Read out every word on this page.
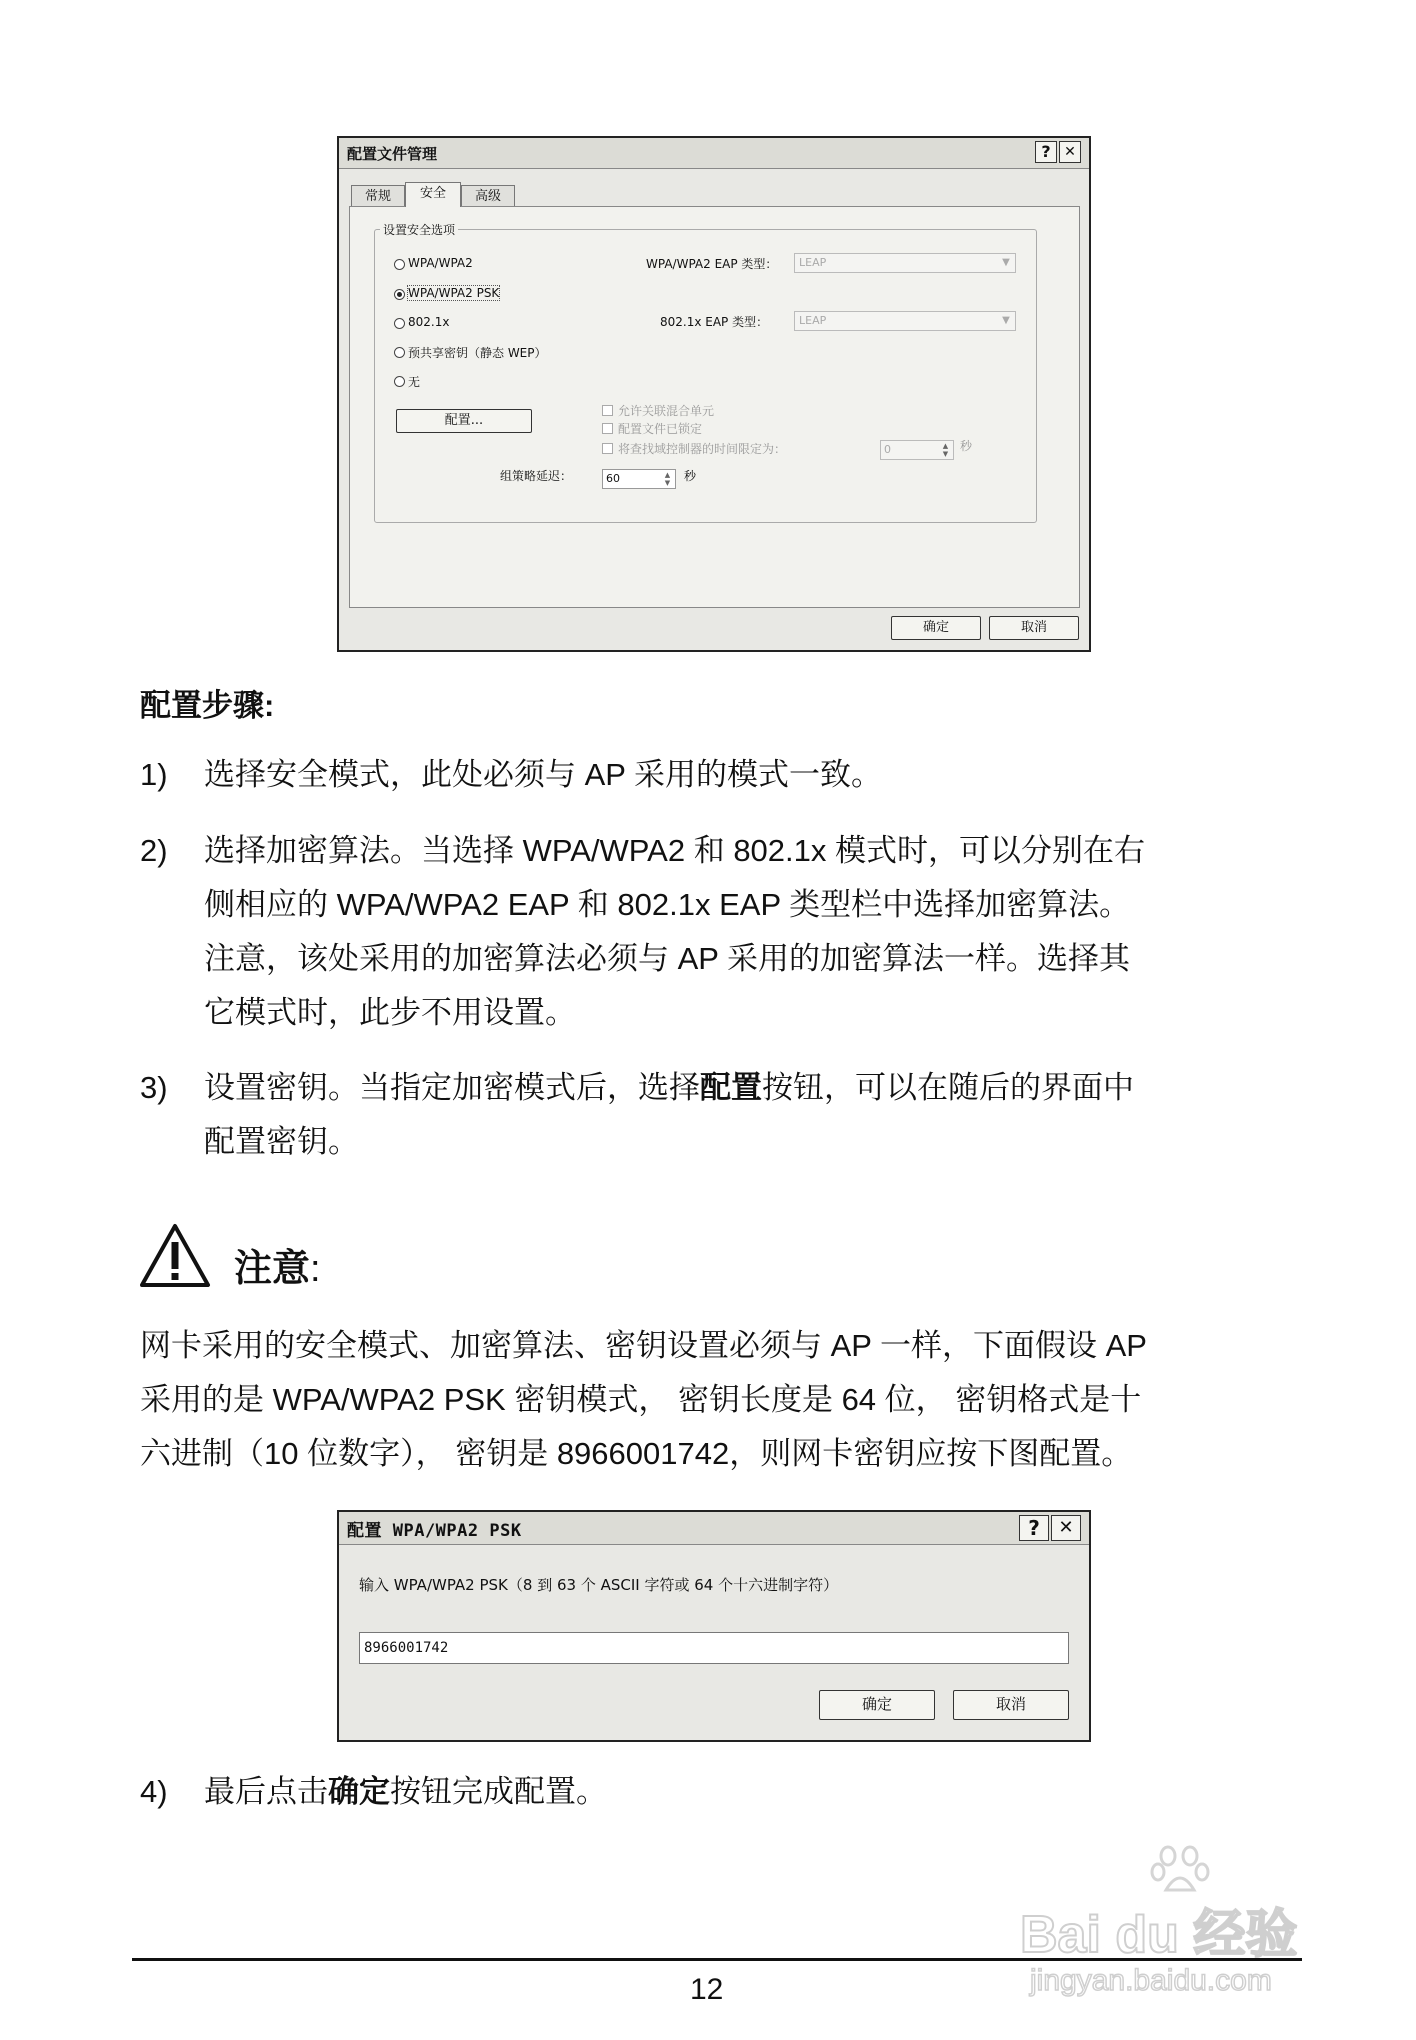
配置文件管理	? ✕
常规	安全	高级
设置安全选项
WPA/WPA2
WPA/WPA2 PSK
802.1x
预共享密钥（静态 WEP）
无
WPA/WPA2 EAP 类型：	LEAP	▼
802.1x EAP 类型：	LEAP	▼
配置...
允许关联混合单元
配置文件已锁定
将查找域控制器的时间限定为：	0	▲
▼
秒
组策略延迟：	60	▲
▼	秒
确定	取消
配置步骤:
1) 选择安全模式，此处必须与 AP 采用的模式一致。
2) 选择加密算法。当选择 WPA/WPA2 和 802.1x 模式时，可以分别在右
侧相应的 WPA/WPA2 EAP 和 802.1x EAP 类型栏中选择加密算法。
注意，该处采用的加密算法必须与 AP 采用的加密算法一样。选择其
它模式时，此步不用设置。
3) 设置密钥。当指定加密模式后，选择配置按钮，可以在随后的界面中
配置密钥。
注意:
网卡采用的安全模式、加密算法、密钥设置必须与 AP 一样，下面假设 AP
采用的是 WPA/WPA2 PSK 密钥模式， 密钥长度是 64 位， 密钥格式是十
六进制（10 位数字）， 密钥是 8966001742，则网卡密钥应按下图配置。
配置 WPA/WPA2 PSK	?	✕
输入 WPA/WPA2 PSK（8 到 63 个 ASCII 字符或 64 个十六进制字符）
8966001742
确定	取消
4) 最后点击确定按钮完成配置。
12
Bai du 经验
jingyan.baidu.com
